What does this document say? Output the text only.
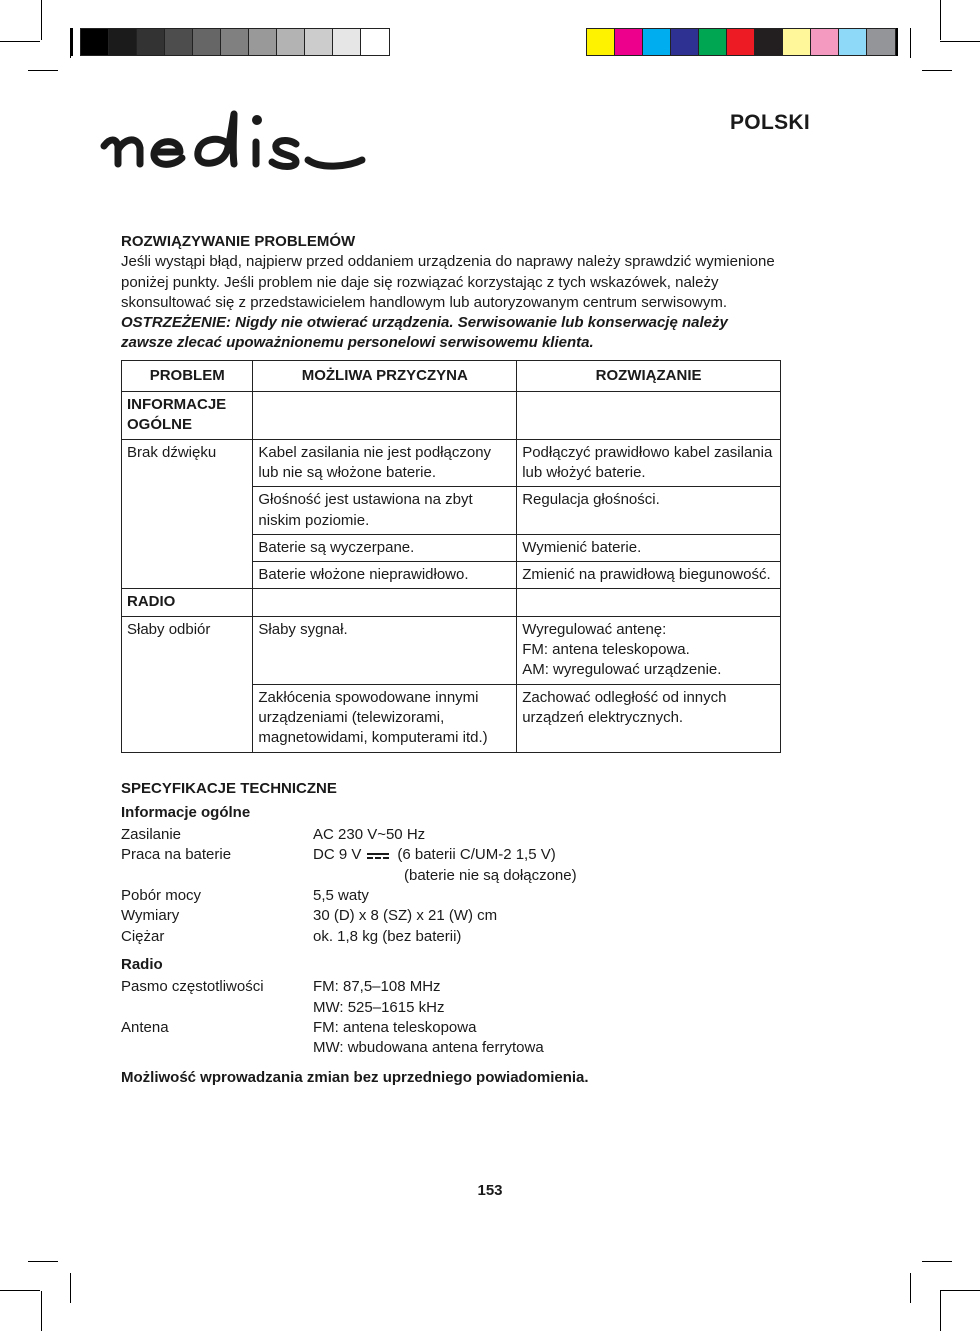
POLSKI

ROZWIĄZYWANIE PROBLEMÓW

Jeśli wystąpi błąd, najpierw przed oddaniem urządzenia do naprawy należy sprawdzić wymienione poniżej punkty. Jeśli problem nie daje się rozwiązać korzystając z tych wskazówek, należy skonsultować się z przedstawicielem handlowym lub autoryzowanym centrum serwisowym.

OSTRZEŻENIE: Nigdy nie otwierać urządzenia. Serwisowanie lub konserwację należy zawsze zlecać upoważnionemu personelowi serwisowemu klienta.

PROBLEM	MOŻLIWA PRZYCZYNA	ROZWIĄZANIE
INFORMACJE OGÓLNE		
Brak dźwięku	Kabel zasilania nie jest podłączony lub nie są włożone baterie.	Podłączyć prawidłowo kabel zasilania lub włożyć baterie.
	Głośność jest ustawiona na zbyt niskim poziomie.	Regulacja głośności.
	Baterie są wyczerpane.	Wymienić baterie.
	Baterie włożone nieprawidłowo.	Zmienić na prawidłową biegunowość.
RADIO		
Słaby odbiór	Słaby sygnał.	Wyregulować antenę:
FM: antena teleskopowa.
AM: wyregulować urządzenie.

	Zakłócenia spowodowane innymi urządzeniami (telewizorami, magnetowidami, komputerami itd.)	Zachować odległość od innych urządzeń elektrycznych.

SPECYFIKACJE TECHNICZNE

Informacje ogólne

Zasilanie	AC 230 V~50 Hz
Praca na baterie	DC 9 V (6 baterii C/UM-2 1,5 V)
(baterie nie są dołączone)
Pobór mocy	5,5 waty
Wymiary	30 (D) x 8 (SZ) x 21 (W) cm
Ciężar	ok. 1,8 kg (bez baterii)

Radio

Pasmo częstotliwości	FM: 87,5–108 MHz
MW: 525–1615 kHz
Antena	FM: antena teleskopowa
MW: wbudowana antena ferrytowa

Możliwość wprowadzania zmian bez uprzedniego powiadomienia.

153
